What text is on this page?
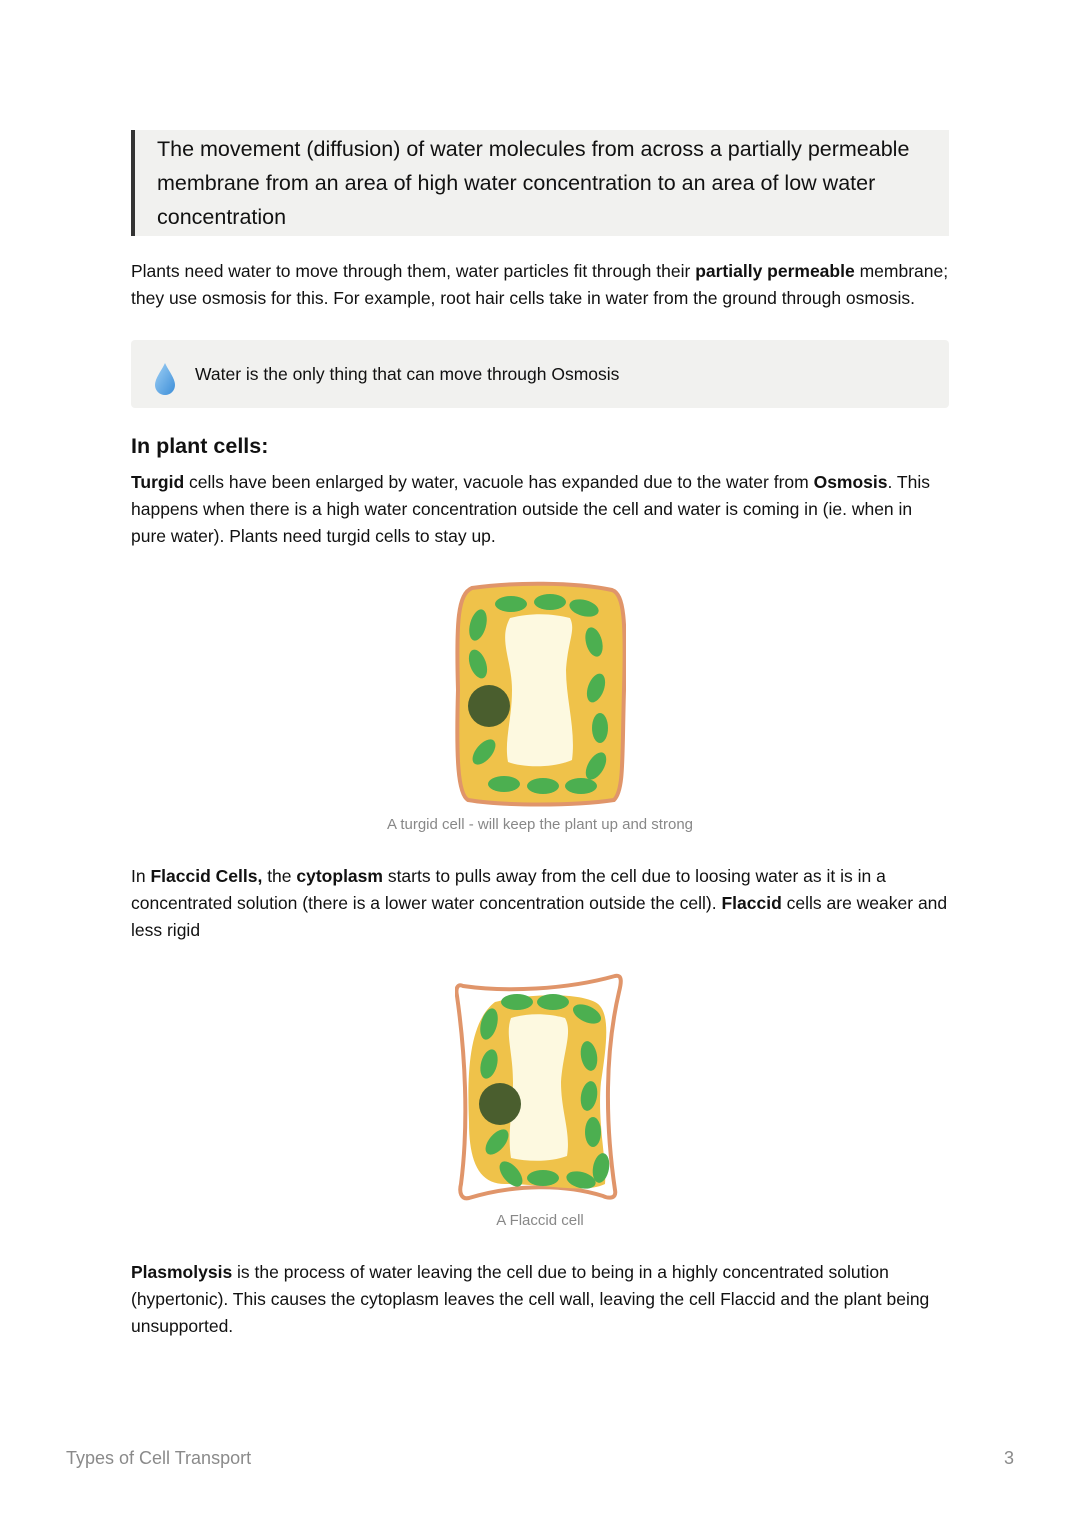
The movement (diffusion) of water molecules from across a partially permeable membrane from an area of high water concentration to an area of low water concentration

Plants need water to move through them, water particles fit through their partially permeable membrane; they use osmosis for this. For example, root hair cells take in water from the ground through osmosis.

Water is the only thing that can move through Osmosis
In plant cells:

Turgid cells have been enlarged by water, vacuole has expanded due to the water from Osmosis. This happens when there is a high water concentration outside the cell and water is coming in (ie. when in pure water). Plants need turgid cells to stay up.

A turgid cell - will keep the plant up and strong

In Flaccid Cells, the cytoplasm starts to pulls away from the cell due to loosing water as it is in a concentrated solution (there is a lower water concentration outside the cell). Flaccid cells are weaker and less rigid

A Flaccid cell

Plasmolysis is the process of water leaving the cell due to being in a highly concentrated solution (hypertonic). This causes the cytoplasm leaves the cell wall, leaving the cell Flaccid and the plant being unsupported.

Types of Cell Transport	3
